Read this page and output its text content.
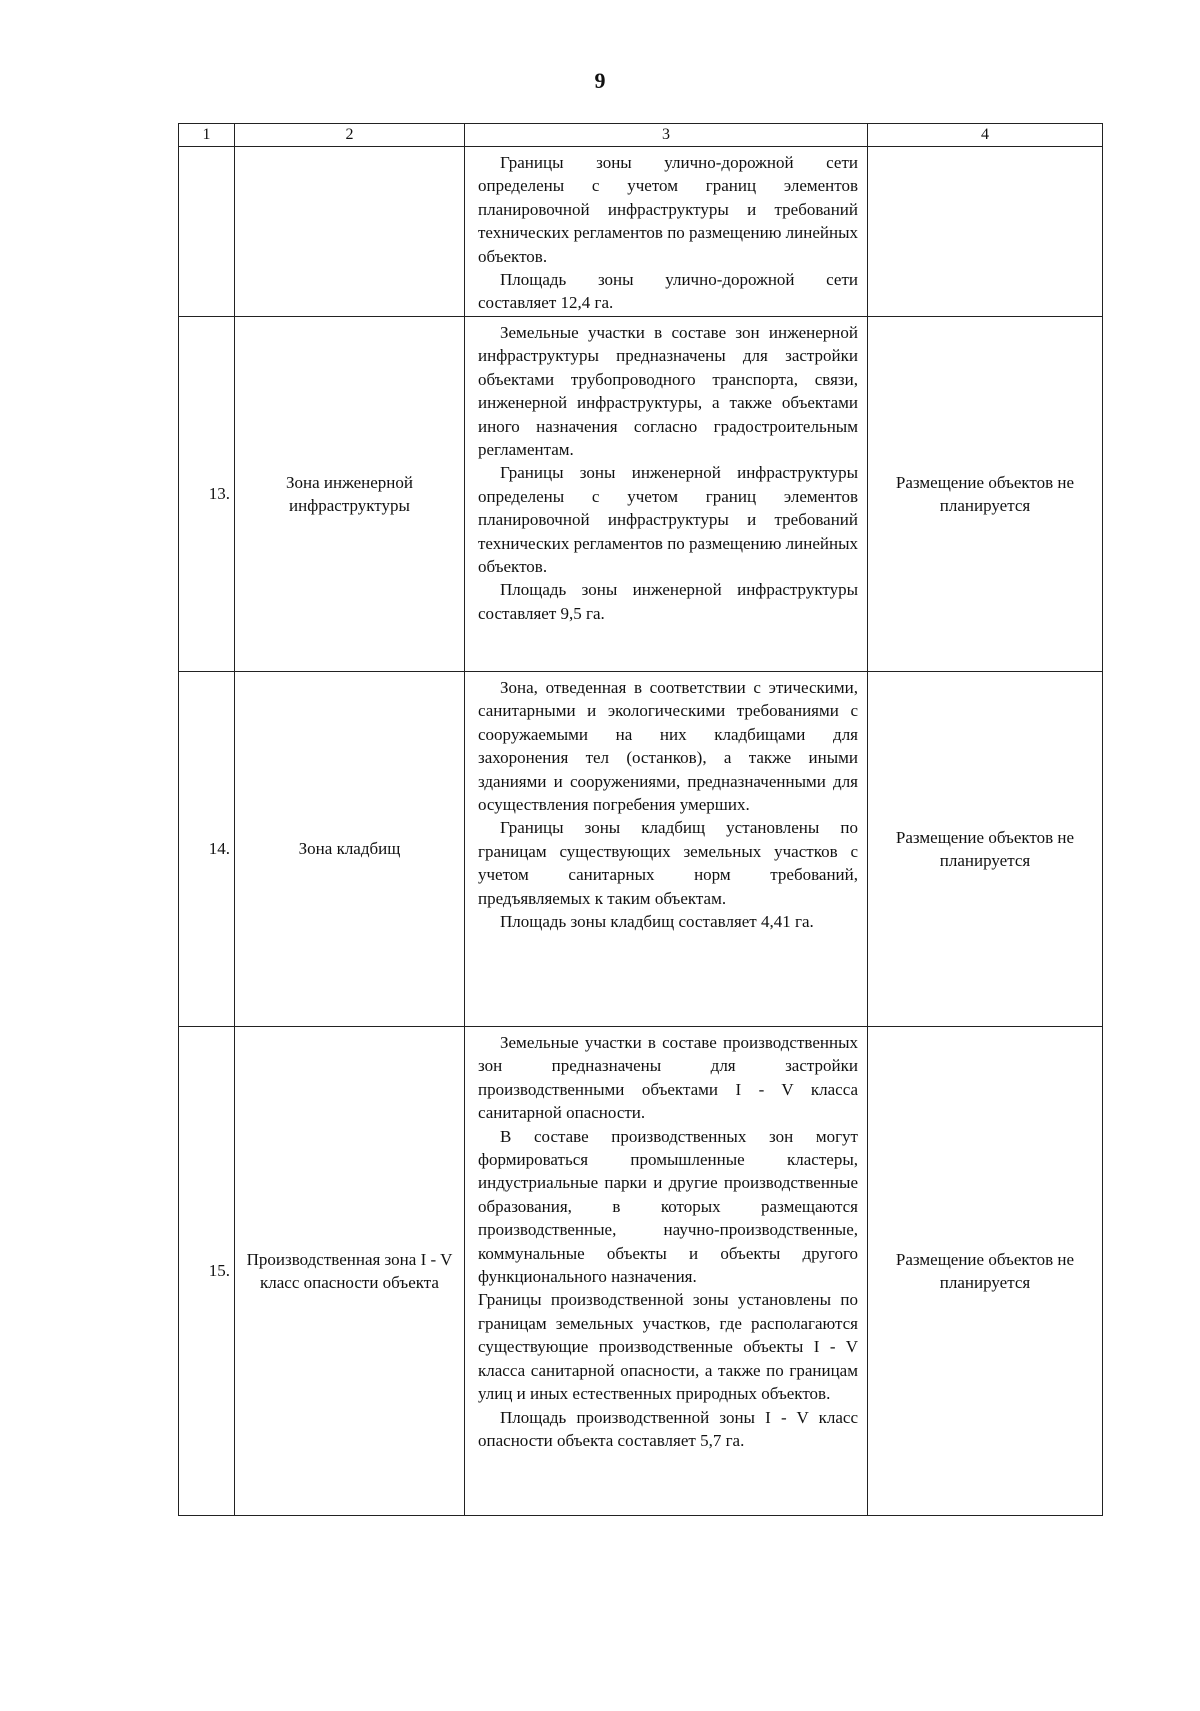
9
1	2	3	4

		Границы зоны улично-дорожной сети определены с учетом границ элементов планировочной инфраструктуры и требований технических регламентов по размещению линейных объектов.

Площадь зоны улично-дорожной сети составляет 12,4 га.	

13.	Зона инженерной инфраструктуры	Земельные участки в составе зон инженерной инфраструктуры предназначены для застройки объектами трубопроводного транспорта, связи, инженерной инфраструктуры, а также объектами иного назначения согласно градостроительным регламентам.

Границы зоны инженерной инфраструктуры определены с учетом границ элементов планировочной инфраструктуры и требований технических регламентов по размещению линейных объектов.

Площадь зоны инженерной инфраструктуры составляет 9,5 га.	Размещение объектов не планируется
14.	Зона кладбищ	Зона, отведенная в соответствии с этическими, санитарными и экологическими требованиями с сооружаемыми на них кладбищами для захоронения тел (останков), а также иными зданиями и сооружениями, предназначенными для осуществления погребения умерших.

Границы зоны кладбищ установлены по границам существующих земельных участков с учетом санитарных норм требований, предъявляемых к таким объектам.

Площадь зоны кладбищ составляет 4,41 га.	Размещение объектов не планируется
15.	Производственная зона I - V класс опасности объекта	Земельные участки в составе производственных зон предназначены для застройки производственными объектами I - V класса санитарной опасности.

В составе производственных зон могут формироваться промышленные кластеры, индустриальные парки и другие производственные образования, в которых размещаются производственные, научно-производственные, коммунальные объекты и объекты другого функционального назначения.

Границы производственной зоны установлены по границам земельных участков, где располагаются существующие производственные объекты I - V класса санитарной опасности, а также по границам улиц и иных естественных природных объектов.

Площадь производственной зоны I - V класс опасности объекта составляет 5,7 га.	Размещение объектов не планируется
